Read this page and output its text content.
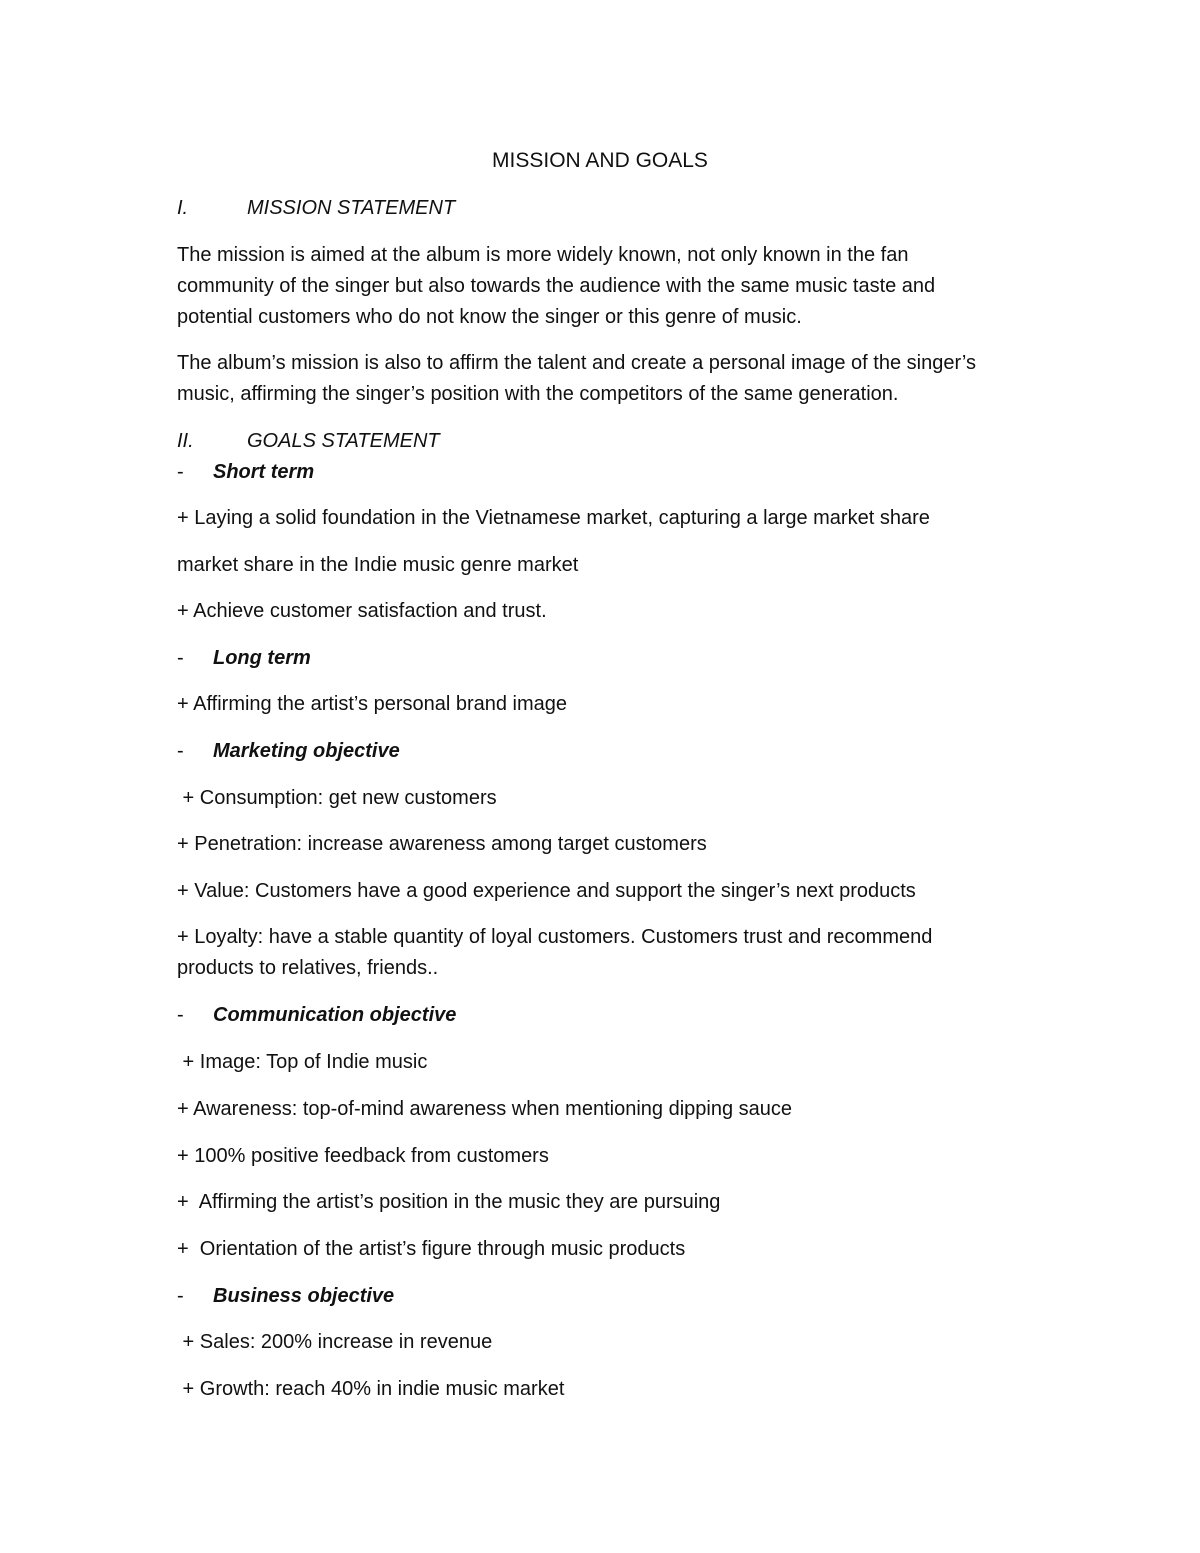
MISSION AND GOALS
I.	MISSION STATEMENT
The mission is aimed at the album is more widely known, not only known in the fan
community of the singer but also towards the audience with the same music taste and
potential customers who do not know the singer or this genre of music.
The album’s mission is also to affirm the talent and create a personal image of the singer’s
music, affirming the singer’s position with the competitors of the same generation.
II.	GOALS STATEMENT
- Short term
+ Laying a solid foundation in the Vietnamese market, capturing a large market share
market share in the Indie music genre market
+ Achieve customer satisfaction and trust.
- Long term
+ Affirming the artist’s personal brand image
- Marketing objective
+ Consumption: get new customers
+ Penetration: increase awareness among target customers
+ Value: Customers have a good experience and support the singer’s next products
+ Loyalty: have a stable quantity of loyal customers. Customers trust and recommend
products to relatives, friends..
- Communication objective
+ Image: Top of Indie music
+ Awareness: top-of-mind awareness when mentioning dipping sauce
+ 100% positive feedback from customers
+  Affirming the artist’s position in the music they are pursuing
+  Orientation of the artist’s figure through music products
- Business objective
+ Sales: 200% increase in revenue
+ Growth: reach 40% in indie music market
